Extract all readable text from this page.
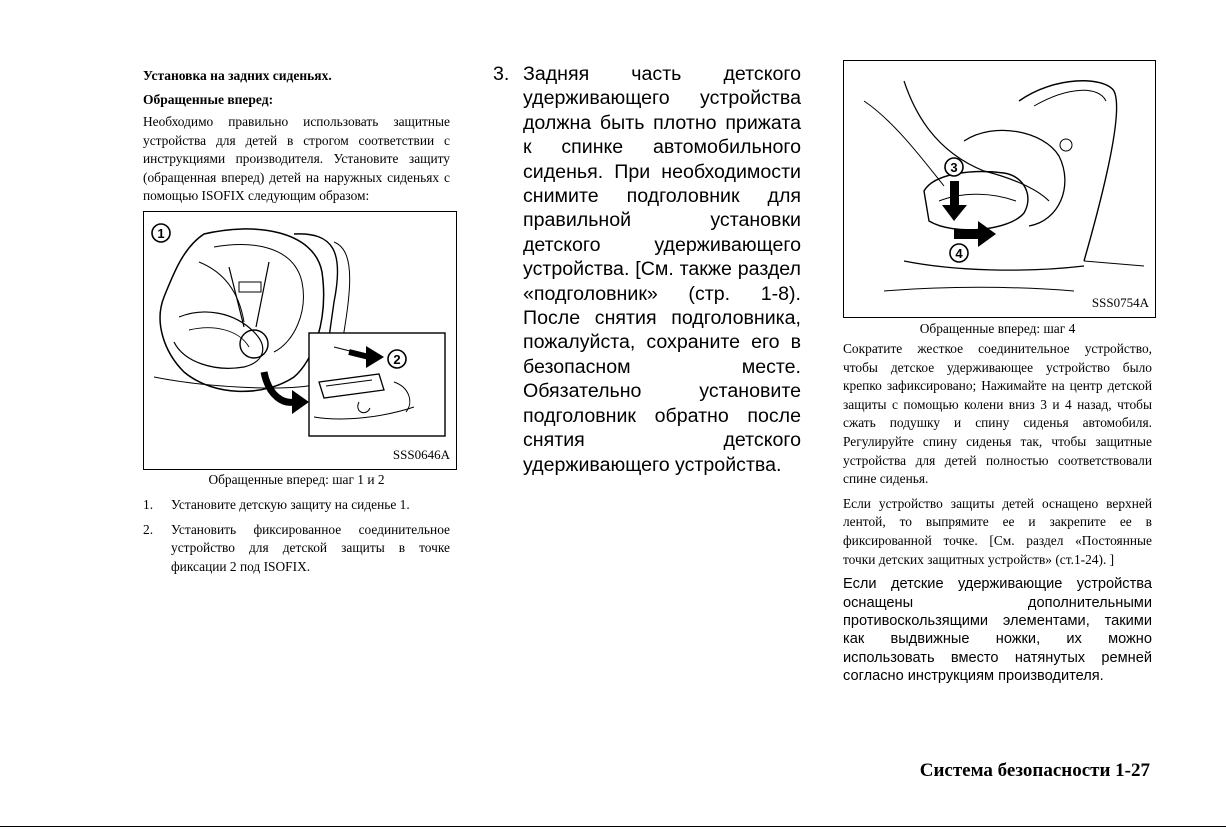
Установка на задних сиденьях.

Обращенные вперед:

Необходимо правильно использовать защитные устройства для детей в строгом соответствии с инструкциями производителя. Установите защиту (обращенная вперед) детей на наружных сиденьях с помощью ISOFIX следующим образом:

1
2
SSS0646A
Обращенные вперед: шаг 1 и 2
1. Установите детскую защиту на сиденье 1.
2. Установить фиксированное соединительное устройство для детской защиты в точке фиксации 2 под ISOFIX.

3. Задняя часть детского удерживающего устройства должна быть плотно прижата к спинке автомобильного сиденья. При необходимости снимите подголовник для правильной установки детского удерживающего устройства. [См. также раздел «подголовник» (стр. 1-8). После снятия подголовника, пожалуйста, сохраните его в безопасном месте. Обязательно установите подголовник обратно после снятия детского удерживающего устройства.

3
4
SSS0754A
Обращенные вперед: шаг 4

Сократите жесткое соединительное устройство, чтобы детское удерживающее устройство было крепко зафиксировано; Нажимайте на центр детской защиты с помощью колени вниз 3 и 4 назад, чтобы сжать подушку и спину сиденья автомобиля. Регулируйте спину сиденья так, чтобы защитные устройства для детей полностью соответствовали спине сиденья.

Если устройство защиты детей оснащено верхней лентой, то выпрямите ее и закрепите ее в фиксированной точке. [См. раздел «Постоянные точки детских защитных устройств» (ст.1-24). ]

Если детские удерживающие устройства оснащены дополнительными противоскользящими элементами, такими как выдвижные ножки, их можно использовать вместо натянутых ремней согласно инструкциям производителя.

Система безопасности 1-27
